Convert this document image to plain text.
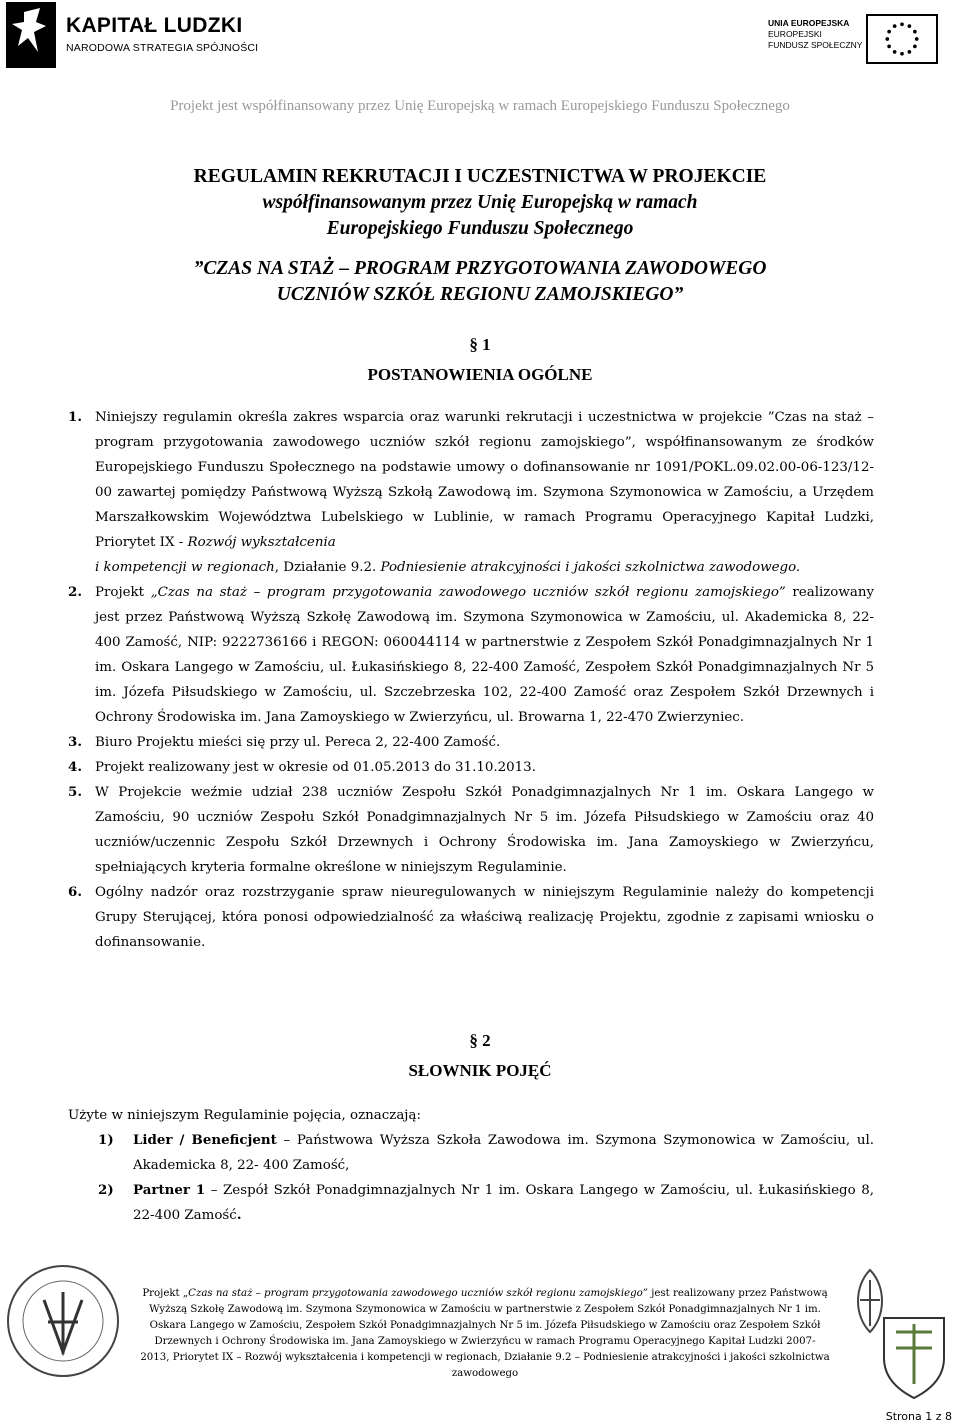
KAPITAŁ LUDZKI
NARODOWA STRATEGIA SPÓJNOŚCI
UNIA EUROPEJSKA
EUROPEJSKI
FUNDUSZ SPOŁECZNY
Projekt jest współfinansowany przez Unię Europejską w ramach Europejskiego Funduszu Społecznego
REGULAMIN REKRUTACJI I UCZESTNICTWA W PROJEKCIE
współfinansowanym przez Unię Europejską w ramach
Europejskiego Funduszu Społecznego
”CZAS NA STAŻ – PROGRAM PRZYGOTOWANIA ZAWODOWEGO
UCZNIÓW SZKÓŁ REGIONU ZAMOJSKIEGO”
§ 1
POSTANOWIENIA OGÓLNE
1. Niniejszy regulamin określa zakres wsparcia oraz warunki rekrutacji i uczestnictwa w projekcie ”Czas na staż – program przygotowania zawodowego uczniów szkół regionu zamojskiego”, współfinansowanym ze środków Europejskiego Funduszu Społecznego na podstawie umowy o dofinansowanie nr 1091/POKL.09.02.00-06-123/12-00 zawartej pomiędzy Państwową Wyższą Szkołą Zawodową im. Szymona Szymonowica w Zamościu, a Urzędem Marszałkowskim Województwa Lubelskiego w Lublinie, w ramach Programu Operacyjnego Kapitał Ludzki, Priorytet IX - Rozwój wykształcenia
i kompetencji w regionach, Działanie 9.2. Podniesienie atrakcyjności i jakości szkolnictwa zawodowego.
2. Projekt „Czas na staż – program przygotowania zawodowego uczniów szkół regionu zamojskiego” realizowany jest przez Państwową Wyższą Szkołę Zawodową im. Szymona Szymonowica w Zamościu, ul. Akademicka 8, 22-400 Zamość, NIP: 9222736166 i REGON: 060044114 w partnerstwie z Zespołem Szkół Ponadgimnazjalnych Nr 1 im. Oskara Langego w Zamościu, ul. Łukasińskiego 8, 22-400 Zamość, Zespołem Szkół Ponadgimnazjalnych Nr 5 im. Józefa Piłsudskiego w Zamościu, ul. Szczebrzeska 102, 22-400 Zamość oraz Zespołem Szkół Drzewnych i Ochrony Środowiska im. Jana Zamoyskiego w Zwierzyńcu, ul. Browarna 1, 22-470 Zwierzyniec.
3. Biuro Projektu mieści się przy ul. Pereca 2, 22-400 Zamość.
4. Projekt realizowany jest w okresie od 01.05.2013 do 31.10.2013.
5. W Projekcie weźmie udział 238 uczniów Zespołu Szkół Ponadgimnazjalnych Nr 1 im. Oskara Langego w Zamościu, 90 uczniów Zespołu Szkół Ponadgimnazjalnych Nr 5 im. Józefa Piłsudskiego w Zamościu oraz 40 uczniów/uczennic Zespołu Szkół Drzewnych i Ochrony Środowiska im. Jana Zamoyskiego w Zwierzyńcu, spełniających kryteria formalne określone w niniejszym Regulaminie.
6. Ogólny nadzór oraz rozstrzyganie spraw nieuregulowanych w niniejszym Regulaminie należy do kompetencji Grupy Sterującej, która ponosi odpowiedzialność za właściwą realizację Projektu, zgodnie z zapisami wniosku o dofinansowanie.
§ 2
SŁOWNIK POJĘĆ
Użyte w niniejszym Regulaminie pojęcia, oznaczają:
1) Lider / Beneficjent – Państwowa Wyższa Szkoła Zawodowa im. Szymona Szymonowica w Zamościu, ul. Akademicka 8, 22- 400 Zamość,
2) Partner 1 – Zespół Szkół Ponadgimnazjalnych Nr 1 im. Oskara Langego w Zamościu, ul. Łukasińskiego 8, 22-400 Zamość.
Projekt „Czas na staż – program przygotowania zawodowego uczniów szkół regionu zamojskiego” jest realizowany przez Państwową Wyższą Szkołę Zawodową im. Szymona Szymonowica w Zamościu w partnerstwie z Zespołem Szkół Ponadgimnazjalnych Nr 1 im. Oskara Langego w Zamościu, Zespołem Szkół Ponadgimnazjalnych Nr 5 im. Józefa Piłsudskiego w Zamościu oraz Zespołem Szkół Drzewnych i Ochrony Środowiska im. Jana Zamoyskiego w Zwierzyńcu w ramach Programu Operacyjnego Kapitał Ludzki 2007-2013, Priorytet IX – Rozwój wykształcenia i kompetencji w regionach, Działanie 9.2 – Podniesienie atrakcyjności i jakości szkolnictwa zawodowego
Strona 1 z 8
